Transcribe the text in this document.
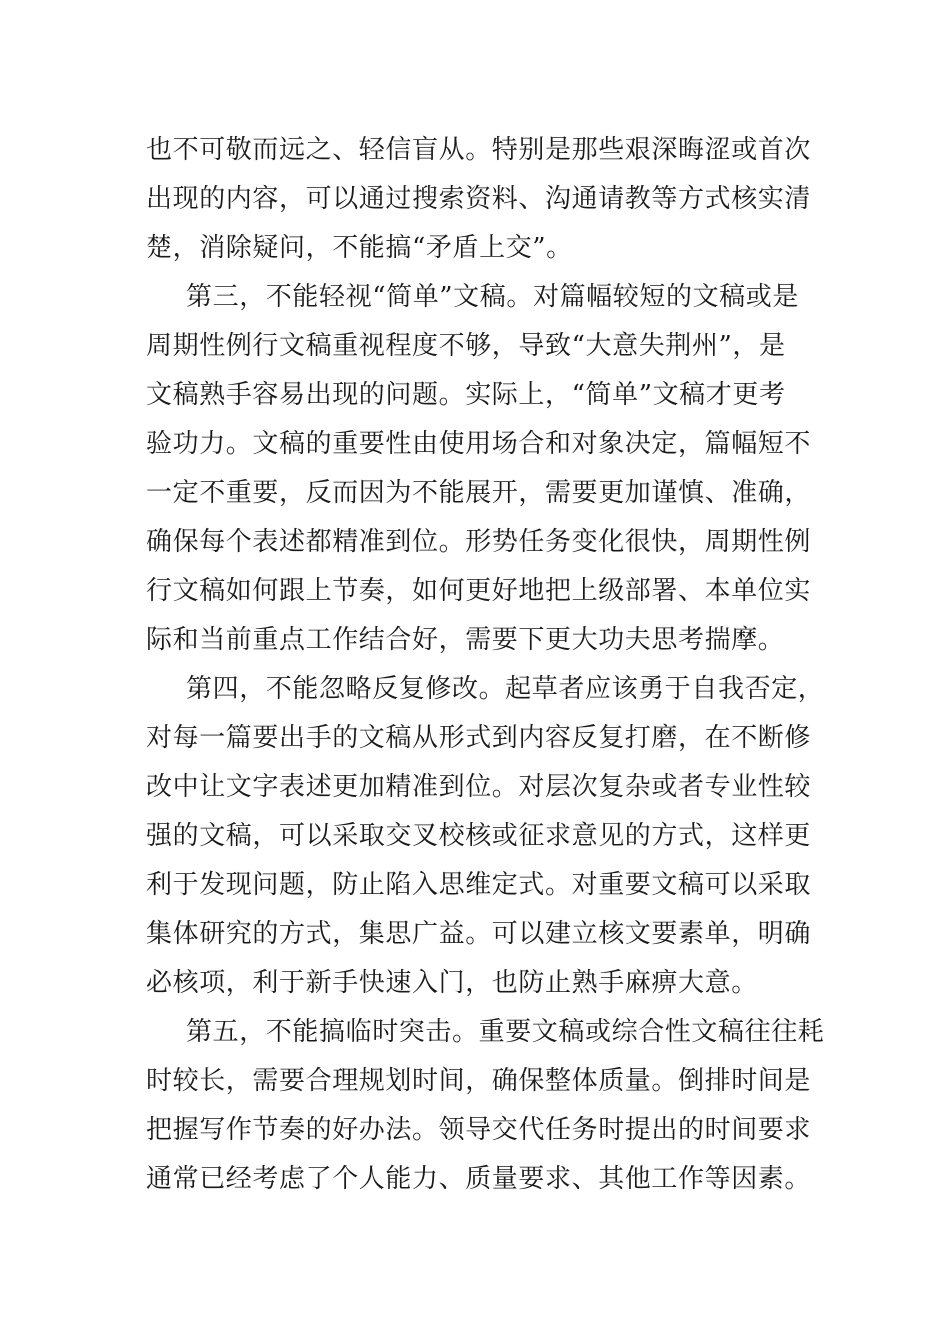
也不可敬而远之、轻信盲从。特别是那些艰深晦涩或首次
出现的内容，可以通过搜索资料、沟通请教等方式核实清
楚，消除疑问，不能搞“矛盾上交”。
第三，不能轻视“简单”文稿。对篇幅较短的文稿或是
周期性例行文稿重视程度不够，导致“大意失荆州”，是
文稿熟手容易出现的问题。实际上，“简单”文稿才更考
验功力。文稿的重要性由使用场合和对象决定，篇幅短不
一定不重要，反而因为不能展开，需要更加谨慎、准确，
确保每个表述都精准到位。形势任务变化很快，周期性例
行文稿如何跟上节奏，如何更好地把上级部署、本单位实
际和当前重点工作结合好，需要下更大功夫思考揣摩。
第四，不能忽略反复修改。起草者应该勇于自我否定，
对每一篇要出手的文稿从形式到内容反复打磨，在不断修
改中让文字表述更加精准到位。对层次复杂或者专业性较
强的文稿，可以采取交叉校核或征求意见的方式，这样更
利于发现问题，防止陷入思维定式。对重要文稿可以采取
集体研究的方式，集思广益。可以建立核文要素单，明确
必核项，利于新手快速入门，也防止熟手麻痹大意。
第五，不能搞临时突击。重要文稿或综合性文稿往往耗
时较长，需要合理规划时间，确保整体质量。倒排时间是
把握写作节奏的好办法。领导交代任务时提出的时间要求
通常已经考虑了个人能力、质量要求、其他工作等因素。
